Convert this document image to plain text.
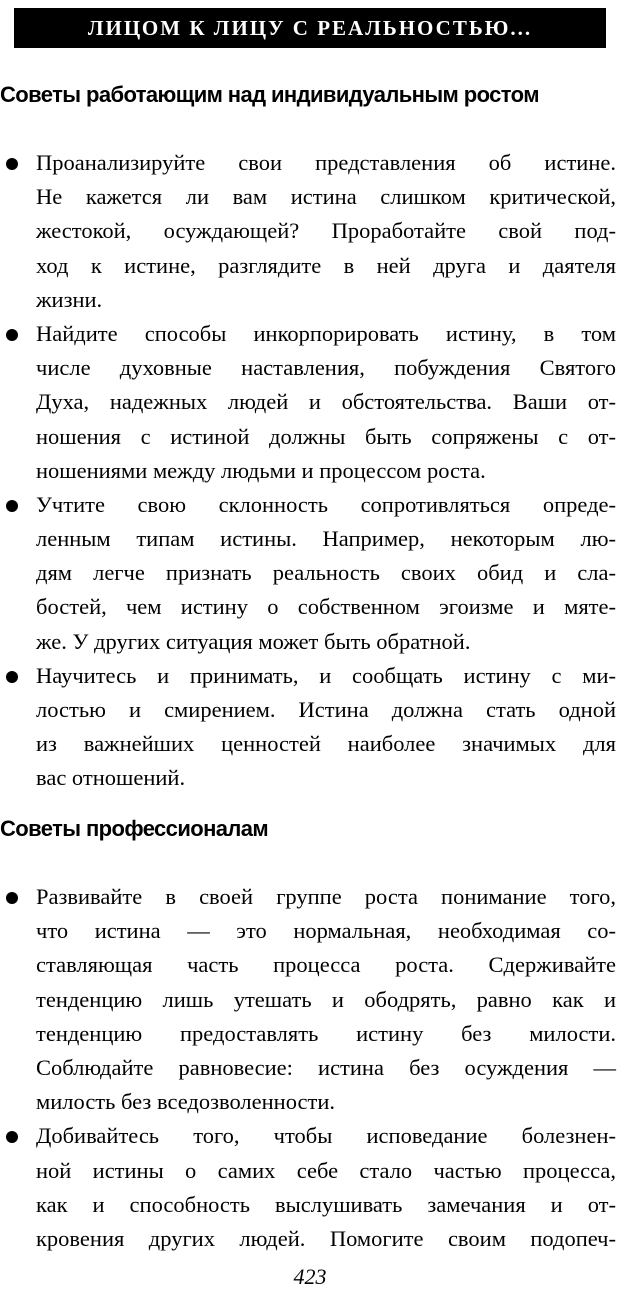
ЛИЦОМ К ЛИЦУ С РЕАЛЬНОСТЬЮ...
Советы работающим над индивидуальным ростом
Проанализируйте свои представления об истине.
Не кажется ли вам истина слишком критической,
жестокой, осуждающей? Проработайте свой под-
ход к истине, разглядите в ней друга и даятеля
жизни.
Найдите способы инкорпорировать истину, в том
числе духовные наставления, побуждения Святого
Духа, надежных людей и обстоятельства. Ваши от-
ношения с истиной должны быть сопряжены с от-
ношениями между людьми и процессом роста.
Учтите свою склонность сопротивляться опреде-
ленным типам истины. Например, некоторым лю-
дям легче признать реальность своих обид и сла-
бостей, чем истину о собственном эгоизме и мяте-
же. У других ситуация может быть обратной.
Научитесь и принимать, и сообщать истину с ми-
лостью и смирением. Истина должна стать одной
из важнейших ценностей наиболее значимых для
вас отношений.
Советы профессионалам
Развивайте в своей группе роста понимание того,
что истина — это нормальная, необходимая со-
ставляющая часть процесса роста. Сдерживайте
тенденцию лишь утешать и ободрять, равно как и
тенденцию предоставлять истину без милости.
Соблюдайте равновесие: истина без осуждения —
милость без вседозволенности.
Добивайтесь того, чтобы исповедание болезнен-
ной истины о самих себе стало частью процесса,
как и способность выслушивать замечания и от-
кровения других людей. Помогите своим подопеч-
423
